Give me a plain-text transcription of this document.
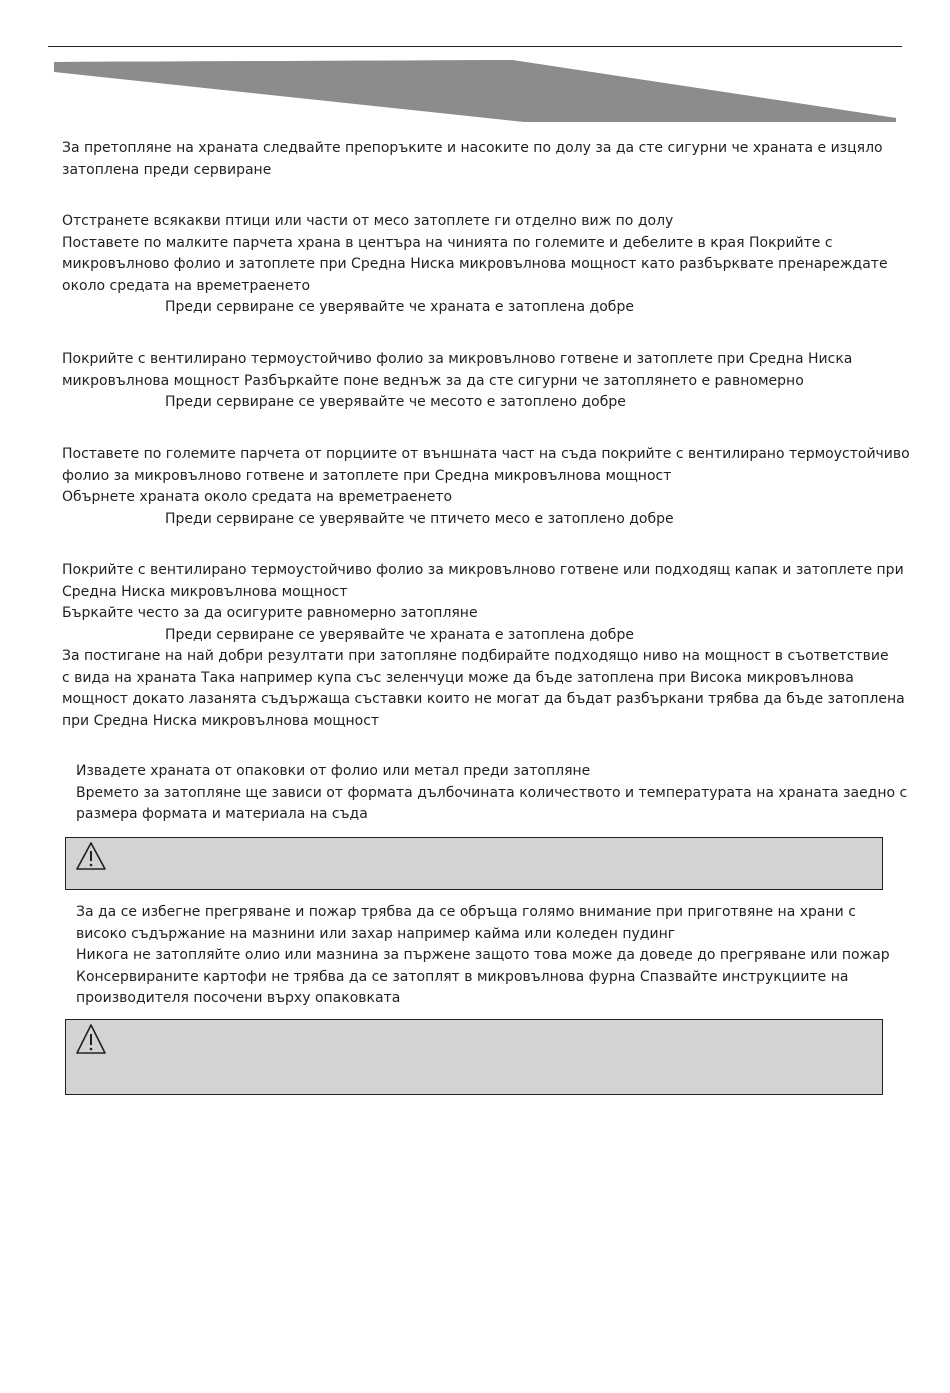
За претопляне на храната следвайте препоръките и насоките по долу за да сте сигурни че храната е изцяло
затоплена преди сервиране
Отстранете всякакви птици или части от месо затоплете ги отделно виж по долу
Поставете по малките парчета храна в центъра на чинията по големите и дебелите в края Покрийте с
микровълново фолио и затоплете при Средна Ниска микровълнова мощност като разбърквате пренареждате
около средата на времетраенето
Преди сервиране се уверявайте че храната е затоплена добре
Покрийте с вентилирано термоустойчиво фолио за микровълново готвене и затоплете при Средна Ниска
микровълнова мощност Разбъркайте поне веднъж за да сте сигурни че затоплянето е равномерно
Преди сервиране се уверявайте че месото е затоплено добре
Поставете по големите парчета от порциите от външната част на съда покрийте с вентилирано термоустойчиво
фолио за микровълново готвене и затоплете при Средна микровълнова мощност
Обърнете храната около средата на времетраенето
Преди сервиране се уверявайте че птичето месо е затоплено добре
Покрийте с вентилирано термоустойчиво фолио за микровълново готвене или подходящ капак и затоплете при
Средна Ниска микровълнова мощност
Бъркайте често за да осигурите равномерно затопляне
Преди сервиране се уверявайте че храната е затоплена добре
За постигане на най добри резултати при затопляне подбирайте подходящо ниво на мощност в съответствие
с вида на храната Така например купа със зеленчуци може да бъде затоплена при Висока микровълнова
мощност докато лазанята съдържаща съставки които не могат да бъдат разбъркани трябва да бъде затоплена
при Средна Ниска микровълнова мощност
Извадете храната от опаковки от фолио или метал преди затопляне
Времето за затопляне ще зависи от формата дълбочината количеството и температурата на храната заедно с
размера формата и материала на съда
За да се избегне прегряване и пожар трябва да се обръща голямо внимание при приготвяне на храни с
високо съдържание на мазнини или захар например кайма или коледен пудинг
Никога не затопляйте олио или мазнина за пържене защото това може да доведе до прегряване или пожар
Консервираните картофи не трябва да се затоплят в микровълнова фурна Спазвайте инструкциите на
производителя посочени върху опаковката
